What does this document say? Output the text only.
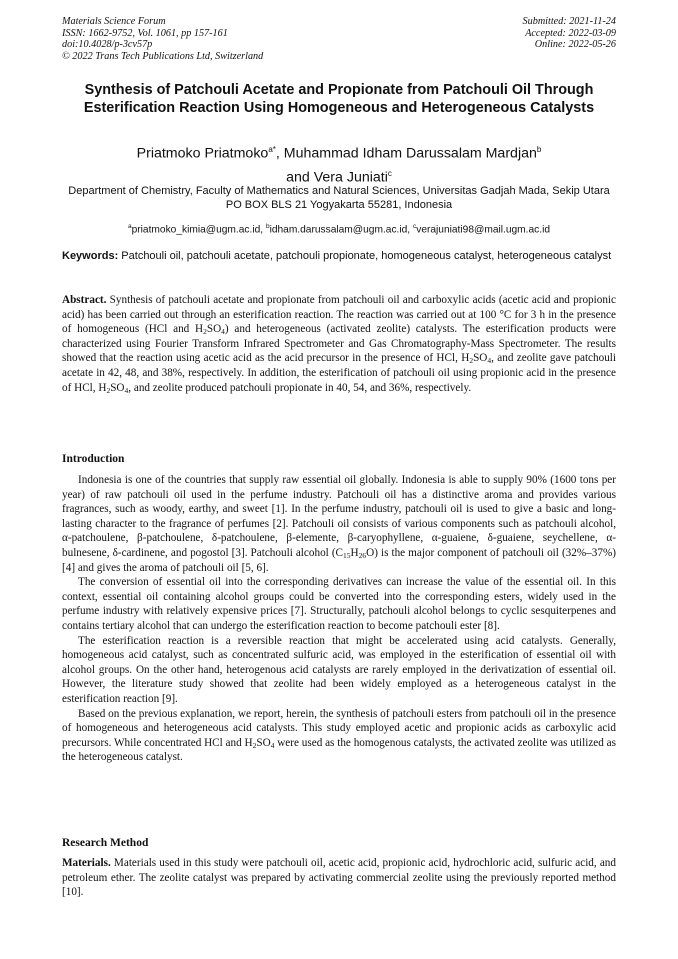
Materials Science Forum
ISSN: 1662-9752, Vol. 1061, pp 157-161
doi:10.4028/p-3cv57p
© 2022 Trans Tech Publications Ltd, Switzerland
Submitted: 2021-11-24
Accepted: 2022-03-09
Online: 2022-05-26
Synthesis of Patchouli Acetate and Propionate from Patchouli Oil Through Esterification Reaction Using Homogeneous and Heterogeneous Catalysts
Priatmoko Priatmoko$^{a*}$, Muhammad Idham Darussalam Mardjan$^b$
and Vera Juniati$^c$
Department of Chemistry, Faculty of Mathematics and Natural Sciences, Universitas Gadjah Mada, Sekip Utara PO BOX BLS 21 Yogyakarta 55281, Indonesia
$^a$priatmoko_kimia@ugm.ac.id, $^b$idham.darussalam@ugm.ac.id, $^c$verajuniati98@mail.ugm.ac.id
Keywords: Patchouli oil, patchouli acetate, patchouli propionate, homogeneous catalyst, heterogeneous catalyst

Abstract. Synthesis of patchouli acetate and propionate from patchouli oil and carboxylic acids (acetic acid and propionic acid) has been carried out through an esterification reaction. The reaction was carried out at 100 °C for 3 h in the presence of homogeneous (HCl and $H_2SO_4$) and heterogeneous (activated zeolite) catalysts. The esterification products were characterized using Fourier Transform Infrared Spectrometer and Gas Chromatography-Mass Spectrometer. The results showed that the reaction using acetic acid as the acid precursor in the presence of HCl, $H_2SO_4$, and zeolite gave patchouli acetate in 42, 48, and 38%, respectively. In addition, the esterification of patchouli oil using propionic acid in the presence of HCl, $H_2SO_4$, and zeolite produced patchouli propionate in 40, 54, and 36%, respectively.

Introduction

Indonesia is one of the countries that supply raw essential oil globally. Indonesia is able to supply 90% (1600 tons per year) of raw patchouli oil used in the perfume industry. Patchouli oil has a distinctive aroma and provides various fragrances, such as woody, earthy, and sweet [1]. In the perfume industry, patchouli oil is used to give a basic and long-lasting character to the fragrance of perfumes [2]. Patchouli oil consists of various components such as patchouli alcohol, α-patchoulene, β-patchoulene, δ-patchoulene, β-elemente, β-caryophyllene, α-guaiene, δ-guaiene, seychellene, α-bulnesene, δ-cardinene, and pogostol [3]. Patchouli alcohol $(C_{15}H_{26}O)$ is the major component of patchouli oil (32%–37%) [4] and gives the aroma of patchouli oil [5, 6].

The conversion of essential oil into the corresponding derivatives can increase the value of the essential oil. In this context, essential oil containing alcohol groups could be converted into the corresponding esters, widely used in the perfume industry with relatively expensive prices [7]. Structurally, patchouli alcohol belongs to cyclic sesquiterpenes and contains tertiary alcohol that can undergo the esterification reaction to become patchouli ester [8].

The esterification reaction is a reversible reaction that might be accelerated using acid catalysts. Generally, homogeneous acid catalyst, such as concentrated sulfuric acid, was employed in the esterification of essential oil with alcohol groups. On the other hand, heterogenous acid catalysts are rarely employed in the derivatization of essential oil. However, the literature study showed that zeolite had been widely employed as a heterogeneous catalyst in the esterification reaction [9].

Based on the previous explanation, we report, herein, the synthesis of patchouli esters from patchouli oil in the presence of homogeneous and heterogeneous acid catalysts. This study employed acetic and propionic acids as carboxylic acid precursors. While concentrated HCl and $H_2SO_4$ were used as the homogenous catalysts, the activated zeolite was utilized as the heterogeneous catalyst.

Research Method

Materials. Materials used in this study were patchouli oil, acetic acid, propionic acid, hydrochloric acid, sulfuric acid, and petroleum ether. The zeolite catalyst was prepared by activating commercial zeolite using the previously reported method [10].
